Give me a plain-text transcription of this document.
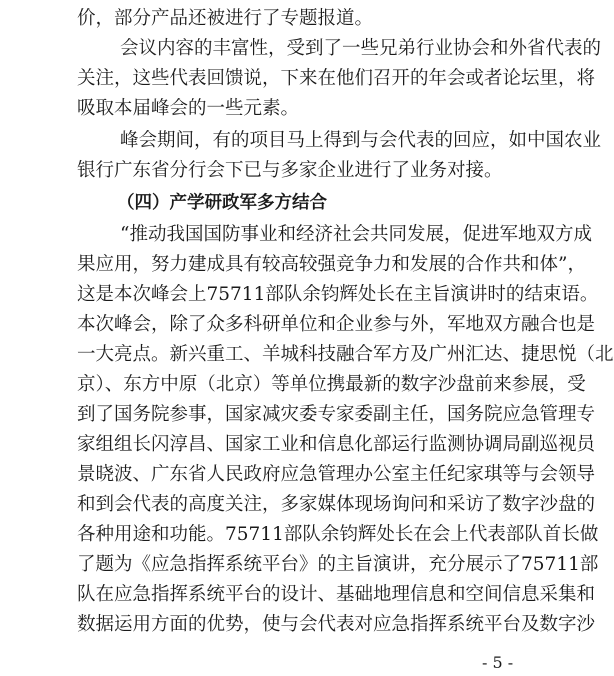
价，部分产品还被进行了专题报道。
会议内容的丰富性，受到了一些兄弟行业协会和外省代表的
关注，这些代表回馈说，下来在他们召开的年会或者论坛里，将
吸取本届峰会的一些元素。
峰会期间，有的项目马上得到与会代表的回应，如中国农业
银行广东省分行会下已与多家企业进行了业务对接。
（四）产学研政军多方结合
“推动我国国防事业和经济社会共同发展，促进军地双方成
果应用，努力建成具有较高较强竞争力和发展的合作共和体”，
这是本次峰会上75711部队余钧辉处长在主旨演讲时的结束语。
本次峰会，除了众多科研单位和企业参与外，军地双方融合也是
一大亮点。新兴重工、羊城科技融合军方及广州汇达、捷思悦（北
京）、东方中原（北京）等单位携最新的数字沙盘前来参展，受
到了国务院参事，国家减灾委专家委副主任，国务院应急管理专
家组组长闪淳昌、国家工业和信息化部运行监测协调局副巡视员
景晓波、广东省人民政府应急管理办公室主任纪家琪等与会领导
和到会代表的高度关注，多家媒体现场询问和采访了数字沙盘的
各种用途和功能。75711部队余钧辉处长在会上代表部队首长做
了题为《应急指挥系统平台》的主旨演讲，充分展示了75711部
队在应急指挥系统平台的设计、基础地理信息和空间信息采集和
数据运用方面的优势，使与会代表对应急指挥系统平台及数字沙
- 5 -
